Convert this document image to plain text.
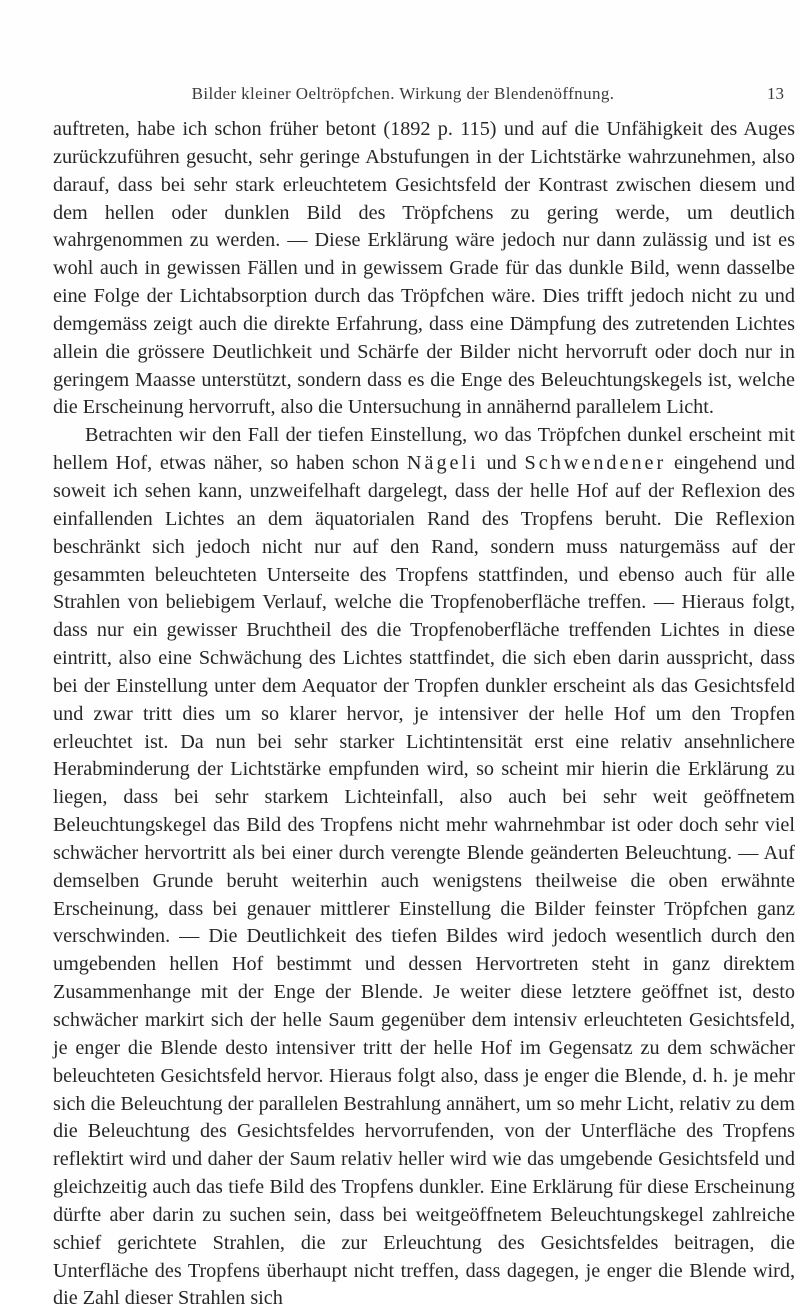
Bilder kleiner Oeltröpfchen. Wirkung der Blendenöffnung.	13

auftreten, habe ich schon früher betont (1892 p. 115) und auf die Unfähigkeit des Auges zurückzuführen gesucht, sehr geringe Abstufungen in der Lichtstärke wahrzunehmen, also darauf, dass bei sehr stark erleuchtetem Gesichtsfeld der Kontrast zwischen diesem und dem hellen oder dunklen Bild des Tröpfchens zu gering werde, um deutlich wahrgenommen zu werden. — Diese Erklärung wäre jedoch nur dann zulässig und ist es wohl auch in gewissen Fällen und in gewissem Grade für das dunkle Bild, wenn dasselbe eine Folge der Lichtabsorption durch das Tröpfchen wäre. Dies trifft jedoch nicht zu und demgemäss zeigt auch die direkte Erfahrung, dass eine Dämpfung des zutretenden Lichtes allein die grössere Deutlichkeit und Schärfe der Bilder nicht hervorruft oder doch nur in geringem Maasse unterstützt, sondern dass es die Enge des Beleuchtungskegels ist, welche die Erscheinung hervorruft, also die Untersuchung in annähernd parallelem Licht.

Betrachten wir den Fall der tiefen Einstellung, wo das Tröpfchen dunkel erscheint mit hellem Hof, etwas näher, so haben schon Nägeli und Schwendener eingehend und soweit ich sehen kann, unzweifelhaft dargelegt, dass der helle Hof auf der Reflexion des einfallenden Lichtes an dem äquatorialen Rand des Tropfens beruht. Die Reflexion beschränkt sich jedoch nicht nur auf den Rand, sondern muss naturgemäss auf der gesammten beleuchteten Unterseite des Tropfens stattfinden, und ebenso auch für alle Strahlen von beliebigem Verlauf, welche die Tropfenoberfläche treffen. — Hieraus folgt, dass nur ein gewisser Bruchtheil des die Tropfenoberfläche treffenden Lichtes in diese eintritt, also eine Schwächung des Lichtes stattfindet, die sich eben darin ausspricht, dass bei der Einstellung unter dem Aequator der Tropfen dunkler erscheint als das Gesichtsfeld und zwar tritt dies um so klarer hervor, je intensiver der helle Hof um den Tropfen erleuchtet ist. Da nun bei sehr starker Lichtintensität erst eine relativ ansehnlichere Herabminderung der Lichtstärke empfunden wird, so scheint mir hierin die Erklärung zu liegen, dass bei sehr starkem Lichteinfall, also auch bei sehr weit geöffnetem Beleuchtungskegel das Bild des Tropfens nicht mehr wahrnehmbar ist oder doch sehr viel schwächer hervortritt als bei einer durch verengte Blende geänderten Beleuchtung. — Auf demselben Grunde beruht weiterhin auch wenigstens theilweise die oben erwähnte Erscheinung, dass bei genauer mittlerer Einstellung die Bilder feinster Tröpfchen ganz verschwinden. — Die Deutlichkeit des tiefen Bildes wird jedoch wesentlich durch den umgebenden hellen Hof bestimmt und dessen Hervortreten steht in ganz direktem Zusammenhange mit der Enge der Blende. Je weiter diese letztere geöffnet ist, desto schwächer markirt sich der helle Saum gegenüber dem intensiv erleuchteten Gesichtsfeld, je enger die Blende desto intensiver tritt der helle Hof im Gegensatz zu dem schwächer beleuchteten Gesichtsfeld hervor. Hieraus folgt also, dass je enger die Blende, d. h. je mehr sich die Beleuchtung der parallelen Bestrahlung annähert, um so mehr Licht, relativ zu dem die Beleuchtung des Gesichtsfeldes hervorrufenden, von der Unterfläche des Tropfens reflektirt wird und daher der Saum relativ heller wird wie das umgebende Gesichtsfeld und gleichzeitig auch das tiefe Bild des Tropfens dunkler. Eine Erklärung für diese Erscheinung dürfte aber darin zu suchen sein, dass bei weitgeöffnetem Beleuchtungskegel zahlreiche schief gerichtete Strahlen, die zur Erleuchtung des Gesichtsfeldes beitragen, die Unterfläche des Tropfens überhaupt nicht treffen, dass dagegen, je enger die Blende wird, die Zahl dieser Strahlen sich
